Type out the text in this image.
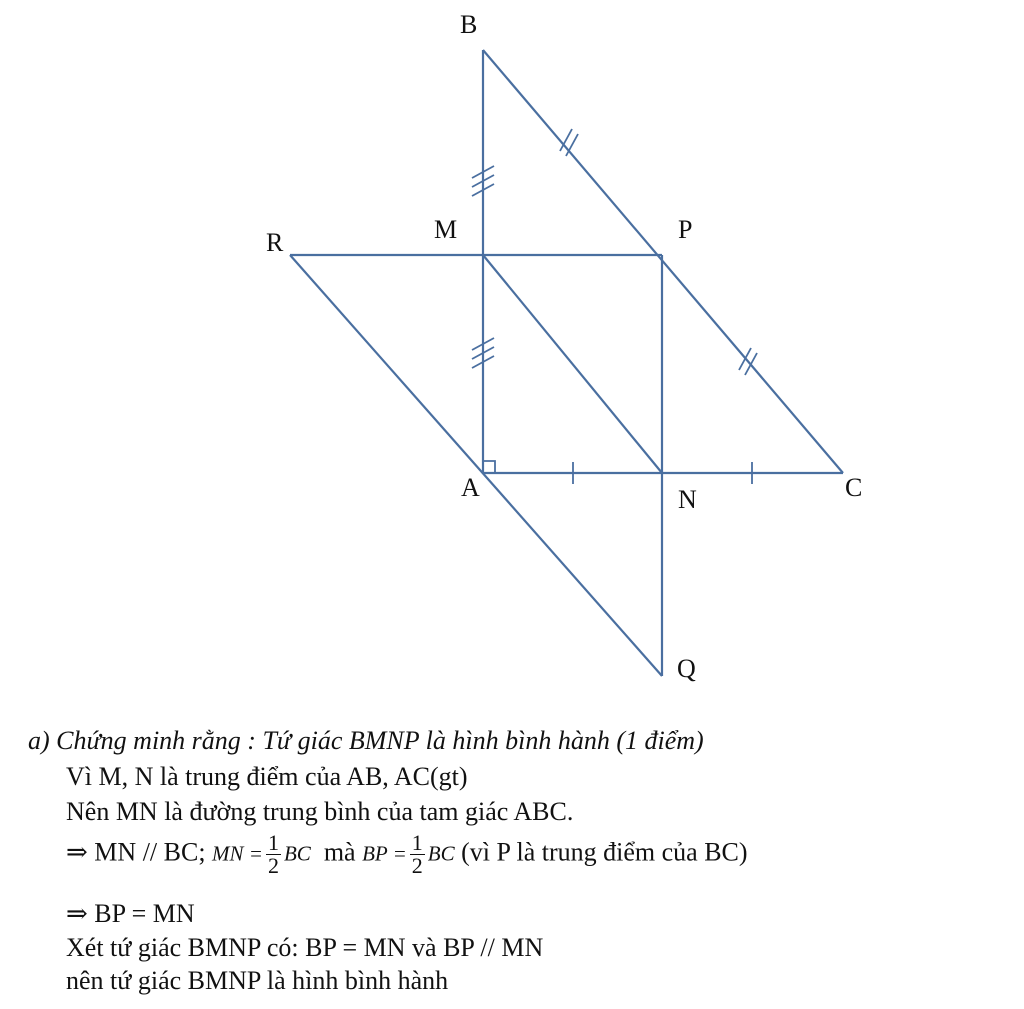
B
M	P
R
A	N	C
Q
a) Chứng minh rằng : Tứ giác BMNP là hình bình hành (1 điểm)
Vì M, N là trung điểm của AB, AC(gt)
Nên MN là đường trung bình của tam giác ABC.
⇒ MN // BC; MN = $\frac{1}{2}$ BC mà BP = $\frac{1}{2}$ BC (vì P là trung điểm của BC)
⇒ BP = MN
Xét tứ giác BMNP có: BP = MN và BP // MN
nên tứ giác BMNP là hình bình hành
